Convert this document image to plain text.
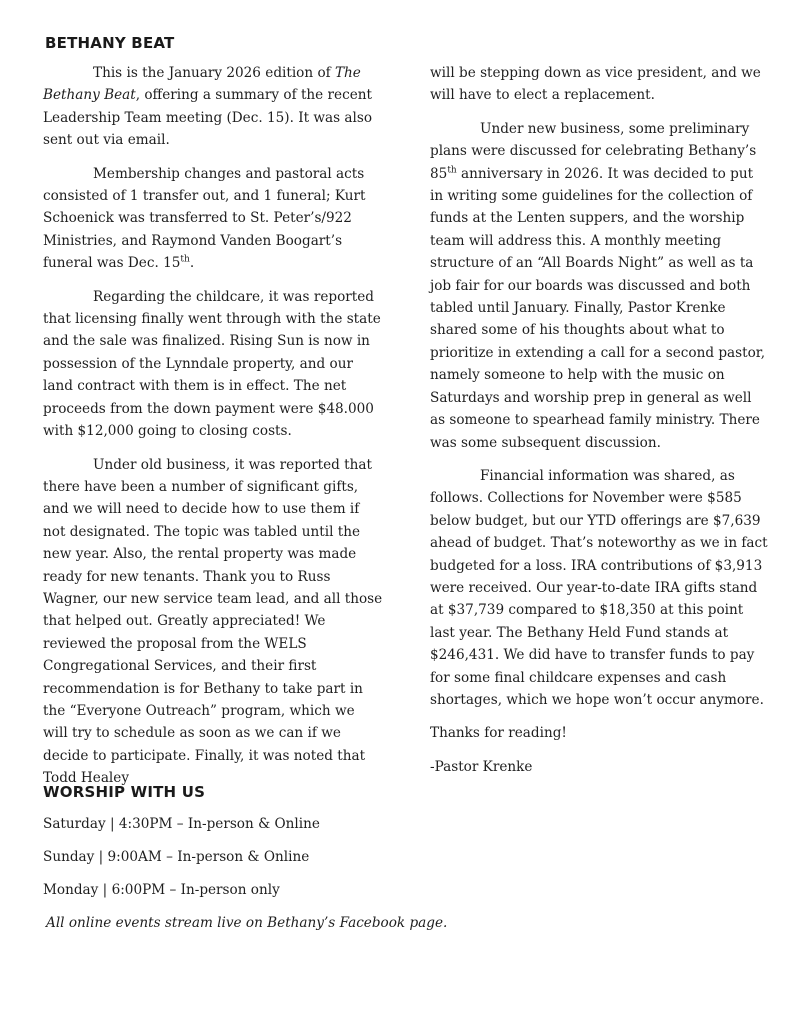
BETHANY BEAT

This is the January 2026 edition of The Bethany Beat, offering a summary of the recent Leadership Team meeting (Dec. 15). It was also sent out via email.

Membership changes and pastoral acts consisted of 1 transfer out, and 1 funeral; Kurt Schoenick was transferred to St. Peter’s/922 Ministries, and Raymond Vanden Boogart’s funeral was Dec. 15th.

Regarding the childcare, it was reported that licensing finally went through with the state and the sale was finalized. Rising Sun is now in possession of the Lynndale property, and our land contract with them is in effect. The net proceeds from the down payment were $48.000 with $12,000 going to closing costs.

Under old business, it was reported that there have been a number of significant gifts, and we will need to decide how to use them if not designated. The topic was tabled until the new year. Also, the rental property was made ready for new tenants. Thank you to Russ Wagner, our new service team lead, and all those that helped out. Greatly appreciated! We reviewed the proposal from the WELS Congregational Services, and their first recommendation is for Bethany to take part in the “Everyone Outreach” program, which we will try to schedule as soon as we can if we decide to participate. Finally, it was noted that Todd Healey

will be stepping down as vice president, and we will have to elect a replacement.

Under new business, some preliminary plans were discussed for celebrating Bethany’s 85th anniversary in 2026. It was decided to put in writing some guidelines for the collection of funds at the Lenten suppers, and the worship team will address this. A monthly meeting structure of an “All Boards Night” as well as ta job fair for our boards was discussed and both tabled until January. Finally, Pastor Krenke shared some of his thoughts about what to prioritize in extending a call for a second pastor, namely someone to help with the music on Saturdays and worship prep in general as well as someone to spearhead family ministry. There was some subsequent discussion.

Financial information was shared, as follows. Collections for November were $585 below budget, but our YTD offerings are $7,639 ahead of budget. That’s noteworthy as we in fact budgeted for a loss. IRA contributions of $3,913 were received. Our year-to-date IRA gifts stand at $37,739 compared to $18,350 at this point last year. The Bethany Held Fund stands at $246,431. We did have to transfer funds to pay for some final childcare expenses and cash shortages, which we hope won’t occur anymore.

Thanks for reading!

-Pastor Krenke

WORSHIP WITH US

Saturday | 4:30PM – In-person & Online

Sunday | 9:00AM – In-person & Online

Monday | 6:00PM – In-person only

All online events stream live on Bethany’s Facebook page.
